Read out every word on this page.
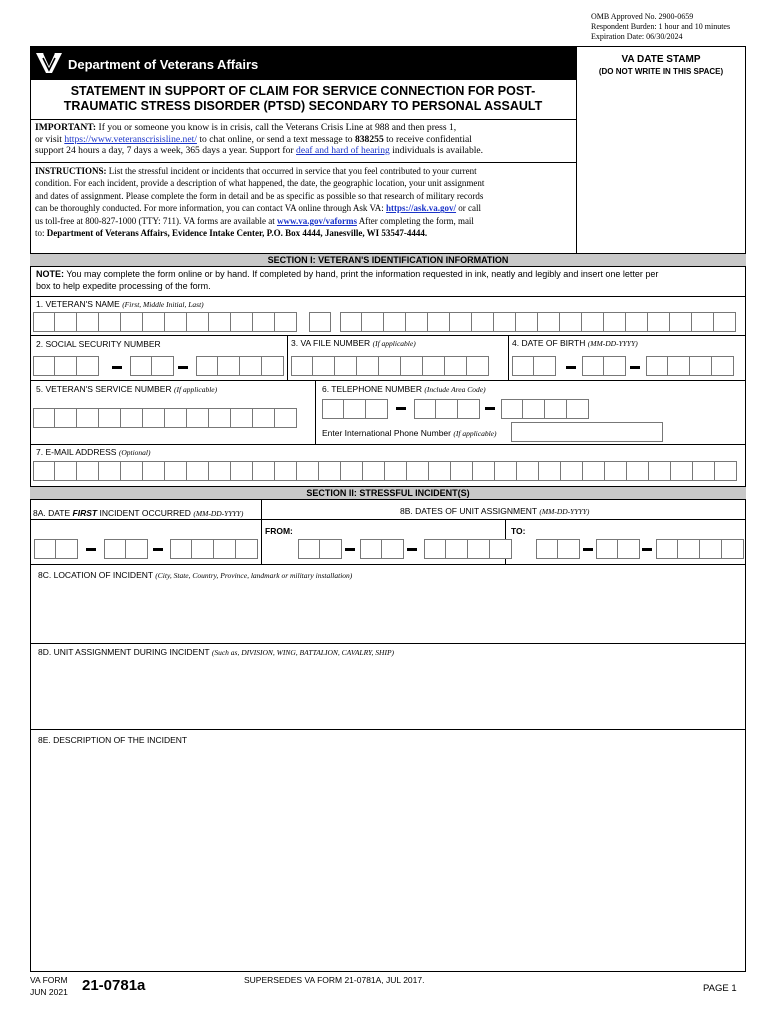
OMB Approved No. 2900-0659
Respondent Burden: 1 hour and 10 minutes
Expiration Date: 06/30/2024
Department of Veterans Affairs
STATEMENT IN SUPPORT OF CLAIM FOR SERVICE CONNECTION FOR POST-
TRAUMATIC STRESS DISORDER (PTSD) SECONDARY TO PERSONAL ASSAULT
VA DATE STAMP
(DO NOT WRITE IN THIS SPACE)
IMPORTANT: If you or someone you know is in crisis, call the Veterans Crisis Line at 988 and then press 1,
or visit https://www.veteranscrisisline.net/ to chat online, or send a text message to 838255 to receive confidential
support 24 hours a day, 7 days a week, 365 days a year. Support for deaf and hard of hearing individuals is available.
INSTRUCTIONS: List the stressful incident or incidents that occurred in service that you feel contributed to your current
condition. For each incident, provide a description of what happened, the date, the geographic location, your unit assignment
and dates of assignment. Please complete the form in detail and be as specific as possible so that research of military records
can be thoroughly conducted. For more information, you can contact VA online through Ask VA: https://ask.va.gov/ or call
us toll-free at 800-827-1000 (TTY: 711). VA forms are available at www.va.gov/vaforms After completing the form, mail
to: Department of Veterans Affairs, Evidence Intake Center, P.O. Box 4444, Janesville, WI 53547-4444.
SECTION I: VETERAN'S IDENTIFICATION INFORMATION
NOTE: You may complete the form online or by hand. If completed by hand, print the information requested in ink, neatly and legibly and insert one letter per
box to help expedite processing of the form.
1. VETERAN'S NAME (First, Middle Initial, Last)
2. SOCIAL SECURITY NUMBER	3. VA FILE NUMBER (If applicable)	4. DATE OF BIRTH (MM-DD-YYYY)
5. VETERAN'S SERVICE NUMBER (If applicable)	6. TELEPHONE NUMBER (Include Area Code)
Enter International Phone Number (If applicable)
7. E-MAIL ADDRESS (Optional)
SECTION II: STRESSFUL INCIDENT(S)
8A. DATE FIRST INCIDENT OCCURRED (MM-DD-YYYY)	8B. DATES OF UNIT ASSIGNMENT (MM-DD-YYYY)
FROM:	TO:
8C. LOCATION OF INCIDENT (City, State, Country, Province, landmark or military installation)
8D. UNIT ASSIGNMENT DURING INCIDENT (Such as, DIVISION, WING, BATTALION, CAVALRY, SHIP)
8E. DESCRIPTION OF THE INCIDENT
VA FORM
JUN 2021 21-0781a	SUPERSEDES VA FORM 21-0781A, JUL 2017.
PAGE 1
